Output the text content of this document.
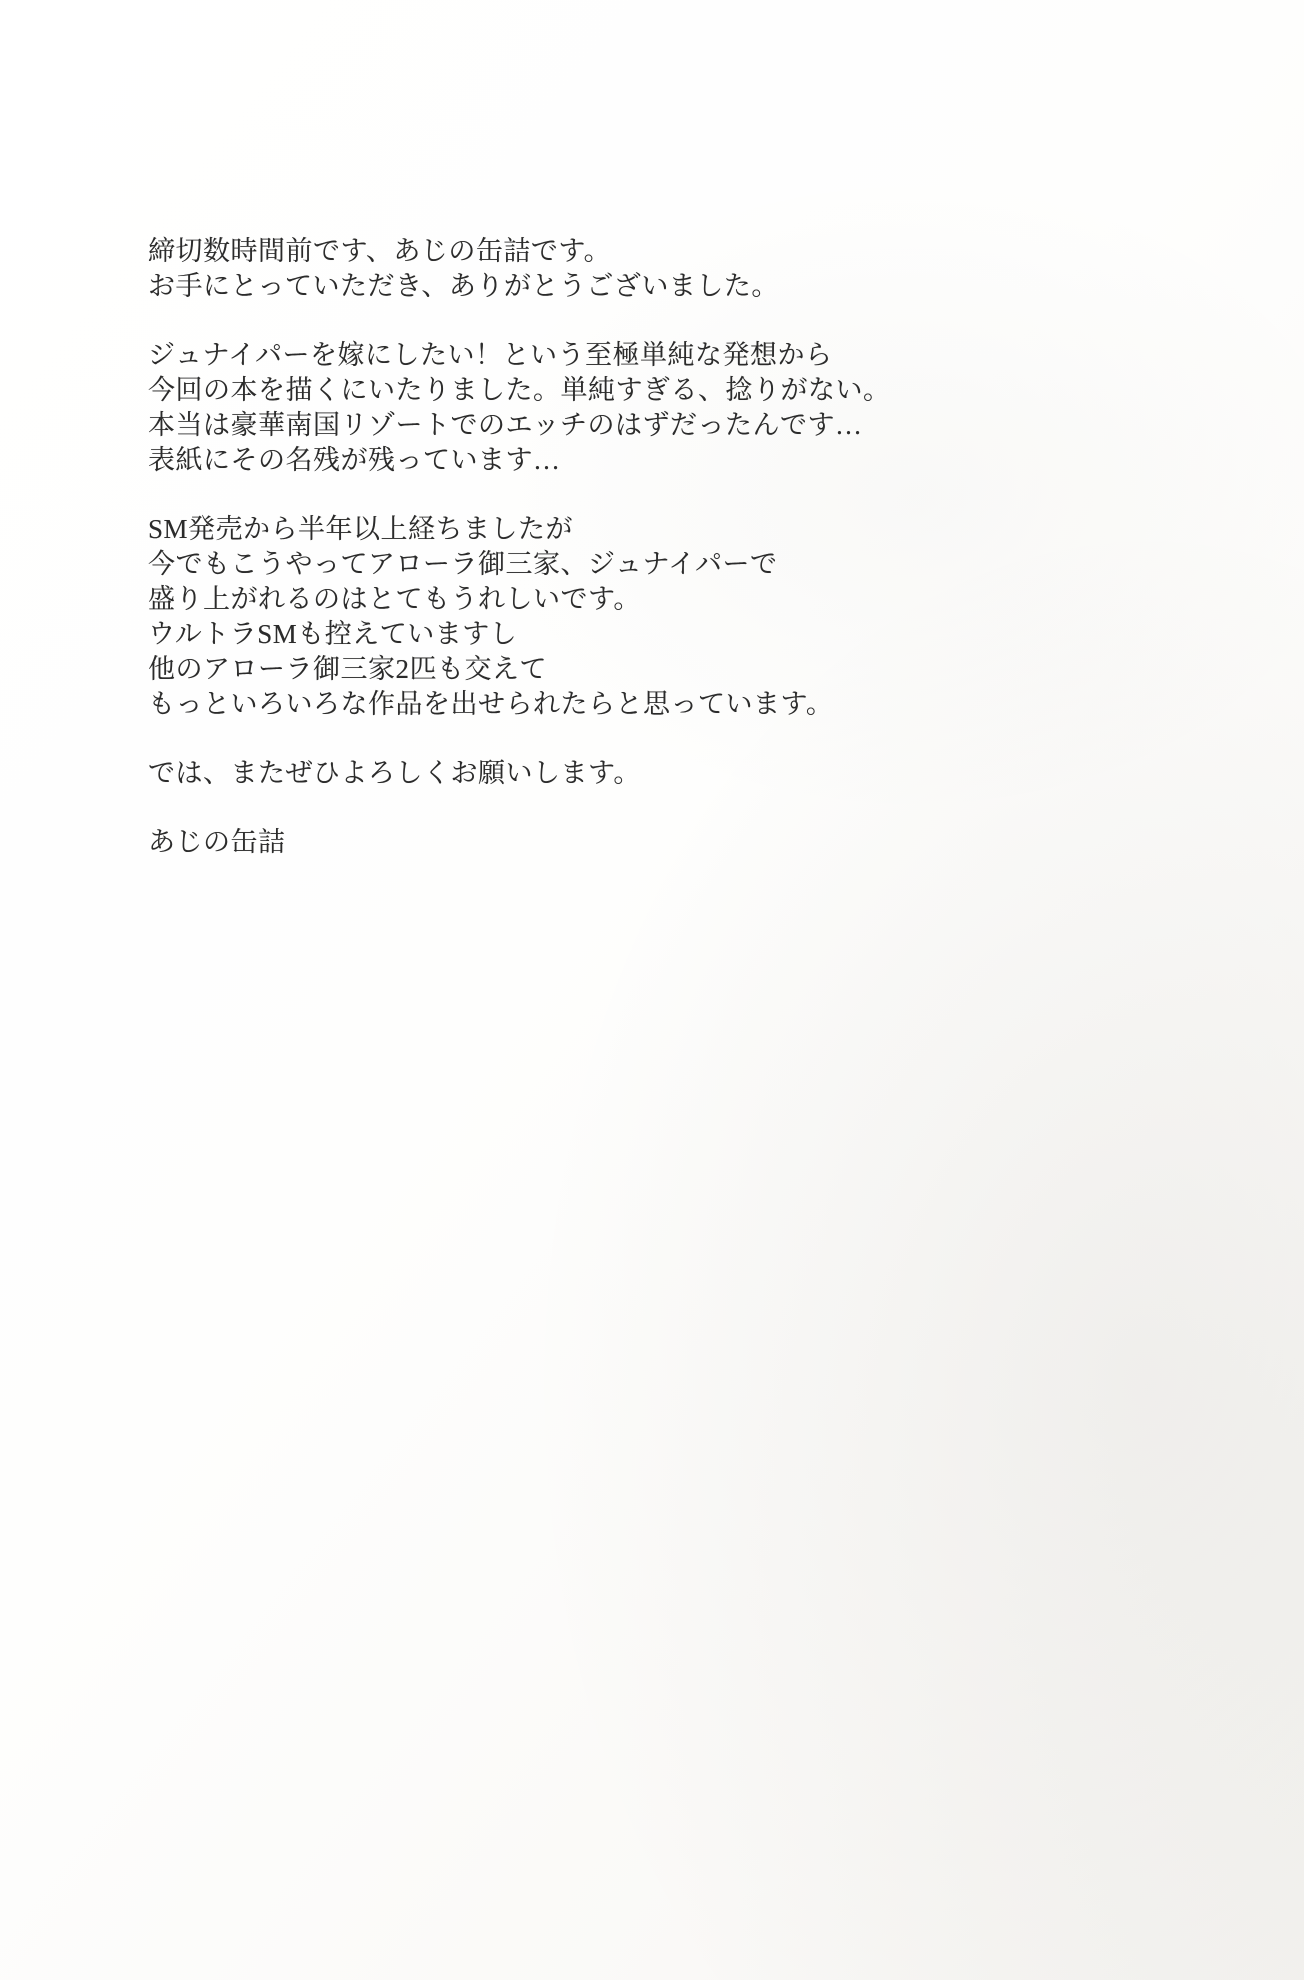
締切数時間前です、あじの缶詰です。
お手にとっていただき、ありがとうございました。

ジュナイパーを嫁にしたい！という至極単純な発想から
今回の本を描くにいたりました。単純すぎる、捻りがない。
本当は豪華南国リゾートでのエッチのはずだったんです…
表紙にその名残が残っています…

SM発売から半年以上経ちましたが
今でもこうやってアローラ御三家、ジュナイパーで
盛り上がれるのはとてもうれしいです。
ウルトラSMも控えていますし
他のアローラ御三家2匹も交えて
もっといろいろな作品を出せられたらと思っています。

では、またぜひよろしくお願いします。

あじの缶詰
